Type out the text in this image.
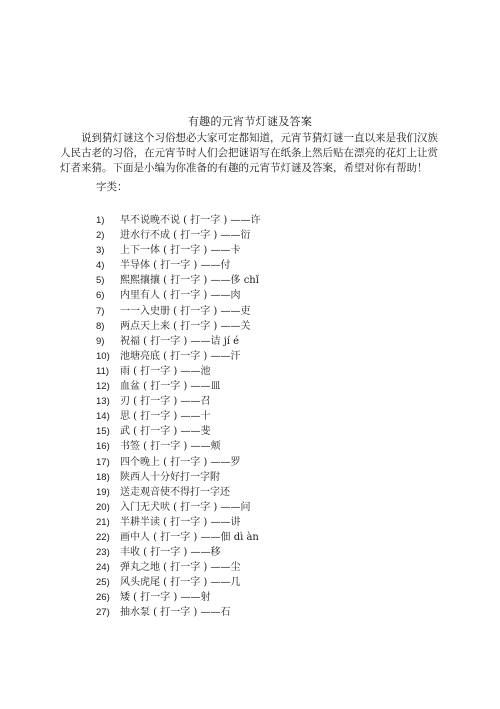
有趣的元宵节灯谜及答案

说到猜灯谜这个习俗想必大家可定都知道，元宵节猜灯谜一直以来是我们汉族人民古老的习俗，在元宵节时人们会把谜语写在纸条上然后贴在漂亮的花灯上让赏灯者来猜。下面是小编为你准备的有趣的元宵节灯谜及答案，希望对你有帮助！

字类：
1)	早不说晚不说 ( 打一字 ) ——许
2)	进水行不成 ( 打一字 ) ——衍
3)	上下一体 ( 打一字 ) ——卡
4)	半导体 ( 打一字 ) ——付
5)	熙熙攘攘 ( 打一字 ) ——侈 chǐ
6)	内里有人 ( 打一字 ) ——肉
7)	一一入史册 ( 打一字 ) ——吏
8)	两点天上来 ( 打一字 ) ——关
9)	祝福 ( 打一字 ) ——诘 jí é
10)	池塘亮底 ( 打一字 ) ——汗
11)	雨 ( 打一字 ) ——池
12)	血盆 ( 打一字 ) ——皿
13)	刃 ( 打一字 ) ——召
14)	思 ( 打一字 ) ——十
15)	武 ( 打一字 ) ——斐
16)	书签 ( 打一字 ) ——颊
17)	四个晚上 ( 打一字 ) ——罗
18)	陕西人十分好打一字附
19)	送走观音使不得打一字还
20)	入门无犬吠 ( 打一字 ) ——问
21)	半耕半读 ( 打一字 ) ——讲
22)	画中人 ( 打一字 ) ——佃 dì àn
23)	丰收 ( 打一字 ) ——移
24)	弹丸之地 ( 打一字 ) ——尘
25)	风头虎尾 ( 打一字 ) ——几
26)	矮 ( 打一字 ) ——射
27)	抽水泵 ( 打一字 ) ——石
